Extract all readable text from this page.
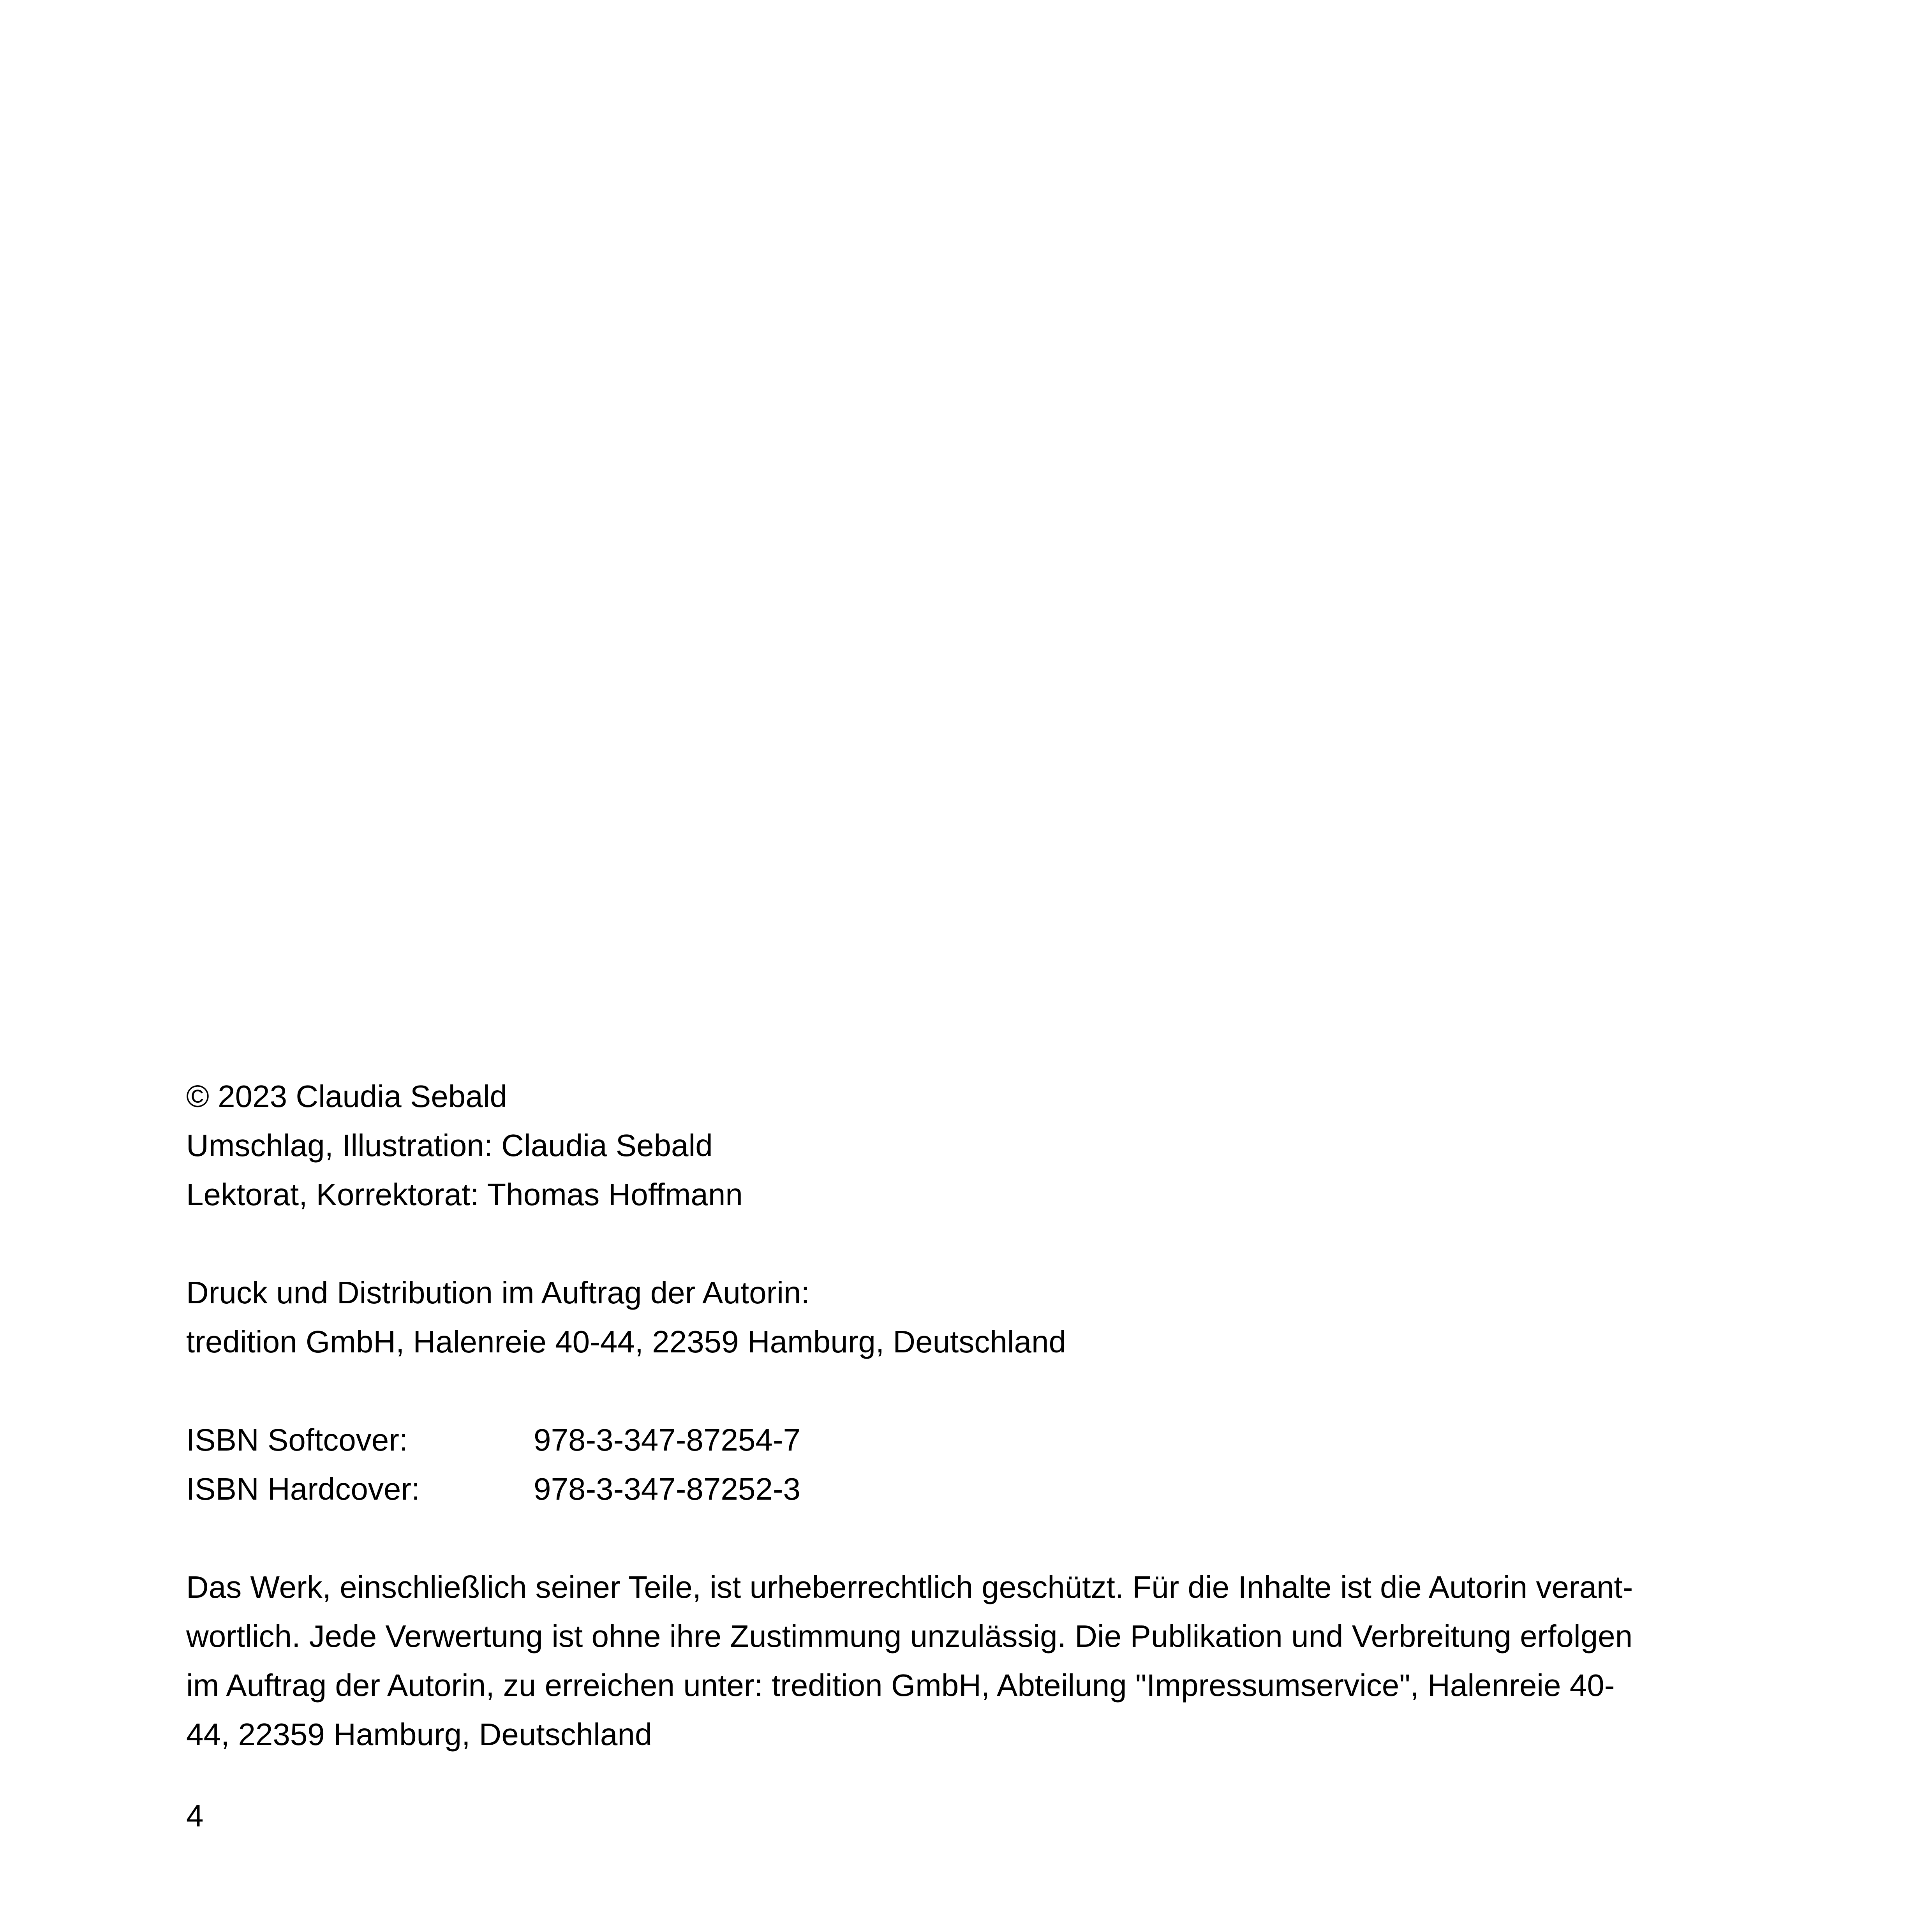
© 2023 Claudia Sebald
Umschlag, Illustration: Claudia Sebald
Lektorat, Korrektorat: Thomas Hoffmann
Druck und Distribution im Auftrag der Autorin:
tredition GmbH, Halenreie 40-44, 22359 Hamburg, Deutschland
ISBN Softcover:	978-3-347-87254-7
ISBN Hardcover:	978-3-347-87252-3
Das Werk, einschließlich seiner Teile, ist urheberrechtlich geschützt. Für die Inhalte ist die Autorin verant-
wortlich. Jede Verwertung ist ohne ihre Zustimmung unzulässig. Die Publikation und Verbreitung erfolgen
im Auftrag der Autorin, zu erreichen unter: tredition GmbH, Abteilung "Impressumservice", Halenreie 40-
44, 22359 Hamburg, Deutschland
4
